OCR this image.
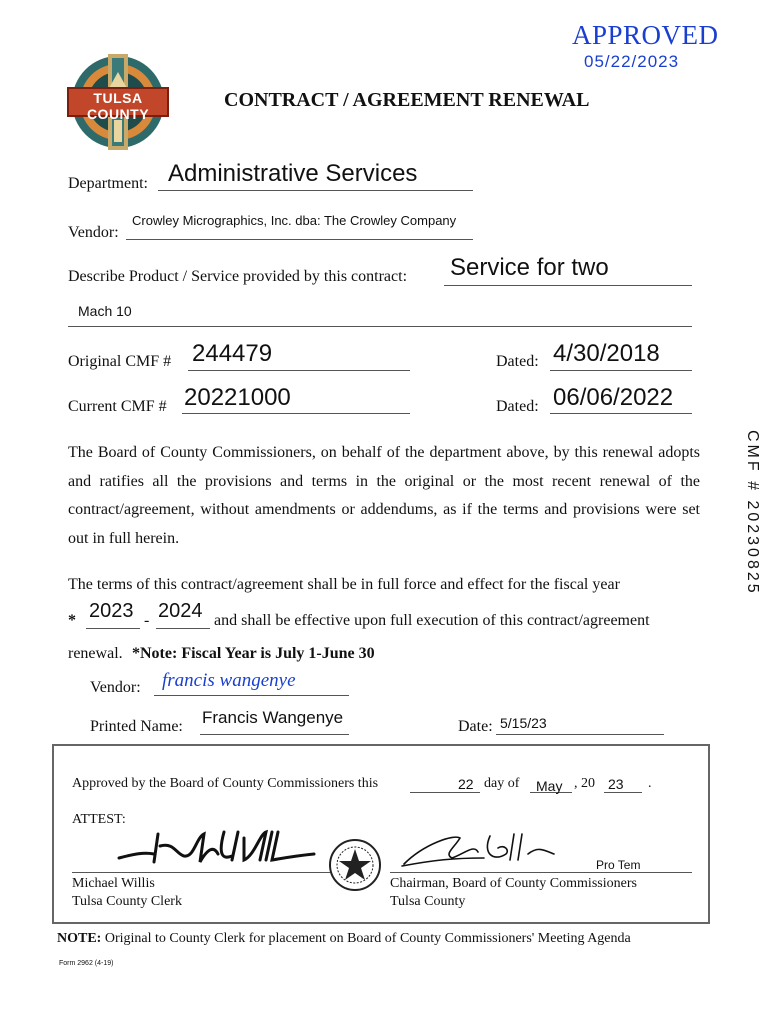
APPROVED
05/22/2023
TULSA COUNTY
CONTRACT / AGREEMENT RENEWAL
Department: Administrative Services
Vendor:
Crowley Micrographics, Inc. dba: The Crowley Company
Describe Product / Service provided by this contract: Service for two
Mach 10
Original CMF # 244479	Dated: 4/30/2018
Current CMF # 20221000	Dated: 06/06/2022
CMF # 20230825
The Board of County Commissioners, on behalf of the department above, by this renewal adopts and ratifies all the provisions and terms in the original or the most recent renewal of the contract/agreement, without amendments or addendums, as if the terms and provisions were set out in full herein.
The terms of this contract/agreement shall be in full force and effect for the fiscal year
* 2023 - 2024 and shall be effective upon full execution of this contract/agreement
renewal. *Note: Fiscal Year is July 1-June 30
Vendor: francis wangenye
Printed Name: Francis Wangenye	Date: 5/15/23
Approved by the Board of County Commissioners this	22 day of May , 20 23 .
ATTEST:
Pro Tem
Michael Willis
Tulsa County Clerk
Chairman, Board of County Commissioners
Tulsa County
NOTE: Original to County Clerk for placement on Board of County Commissioners' Meeting Agenda
Form 2962 (4-19)
